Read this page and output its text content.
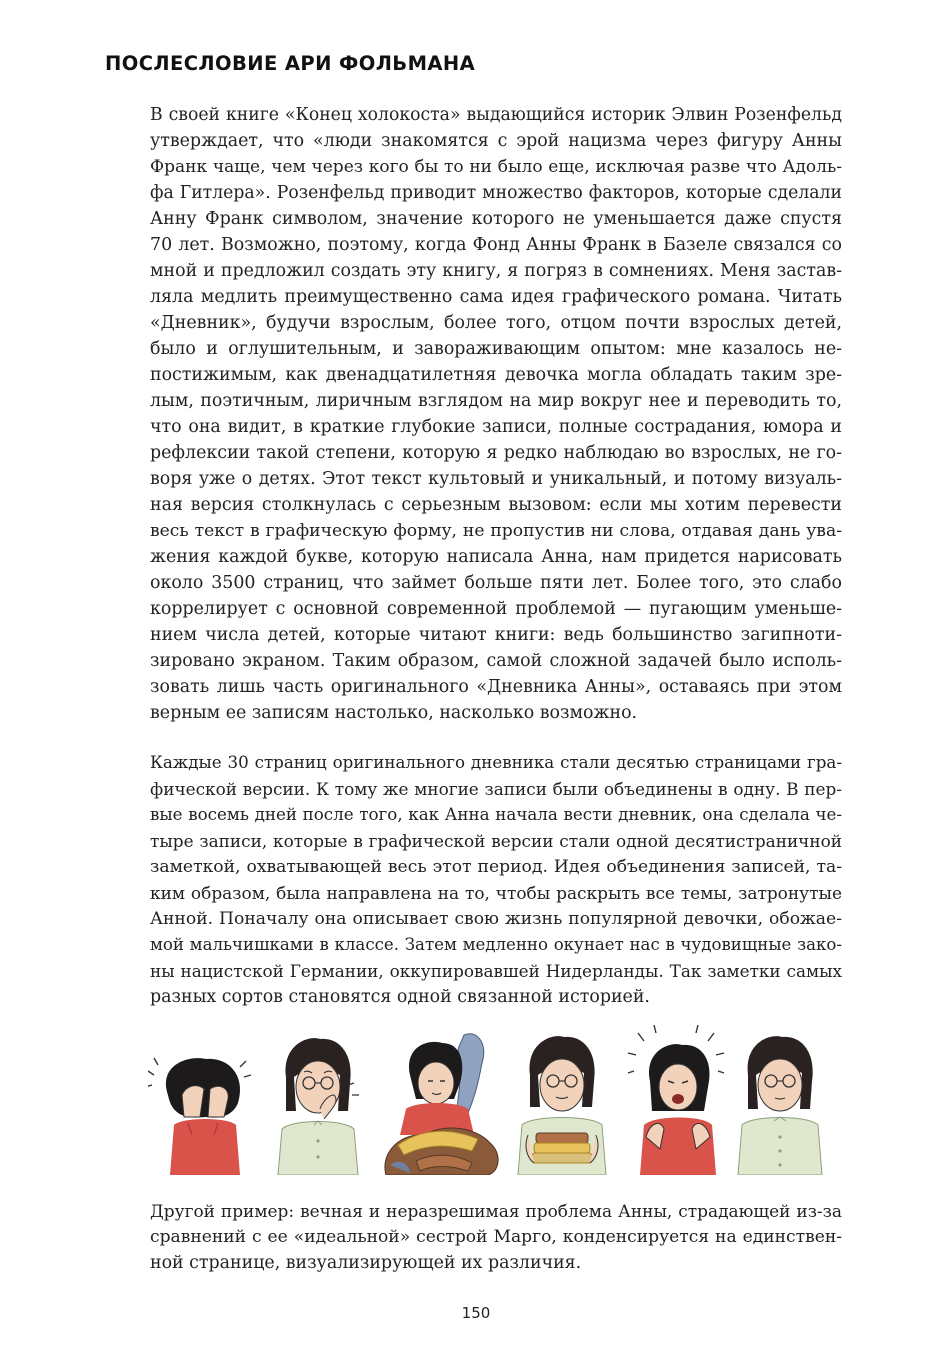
ПОСЛЕСЛОВИЕ АРИ ФОЛЬМАНА
В своей книге «Конец холокоста» выдающийся историк Элвин Розенфельд
утверждает, что «люди знакомятся с эрой нацизма через фигуру Анны
Франк чаще, чем через кого бы то ни было еще, исключая разве что Адоль-
фа Гитлера». Розенфельд приводит множество факторов, которые сделали
Анну Франк символом, значение которого не уменьшается даже спустя
70 лет. Возможно, поэтому, когда Фонд Анны Франк в Базеле связался со
мной и предложил создать эту книгу, я погряз в сомнениях. Меня застав-
ляла медлить преимущественно сама идея графического романа. Читать
«Дневник», будучи взрослым, более того, отцом почти взрослых детей,
было и оглушительным, и завораживающим опытом: мне казалось не-
постижимым, как двенадцатилетняя девочка могла обладать таким зре-
лым, поэтичным, лиричным взглядом на мир вокруг нее и переводить то,
что она видит, в краткие глубокие записи, полные сострадания, юмора и
рефлексии такой степени, которую я редко наблюдаю во взрослых, не го-
воря уже о детях. Этот текст культовый и уникальный, и потому визуаль-
ная версия столкнулась с серьезным вызовом: если мы хотим перевести
весь текст в графическую форму, не пропустив ни слова, отдавая дань ува-
жения каждой букве, которую написала Анна, нам придется нарисовать
около 3500 страниц, что займет больше пяти лет. Более того, это слабо
коррелирует с основной современной проблемой — пугающим уменьше-
нием числа детей, которые читают книги: ведь большинство загипноти-
зировано экраном. Таким образом, самой сложной задачей было исполь-
зовать лишь часть оригинального «Дневника Анны», оставаясь при этом
верным ее записям настолько, насколько возможно.
Каждые 30 страниц оригинального дневника стали десятью страницами гра-
фической версии. К тому же многие записи были объединены в одну. В пер-
вые восемь дней после того, как Анна начала вести дневник, она сделала че-
тыре записи, которые в графической версии стали одной десятистраничной
заметкой, охватывающей весь этот период. Идея объединения записей, та-
ким образом, была направлена на то, чтобы раскрыть все темы, затронутые
Анной. Поначалу она описывает свою жизнь популярной девочки, обожае-
мой мальчишками в классе. Затем медленно окунает нас в чудовищные зако-
ны нацистской Германии, оккупировавшей Нидерланды. Так заметки самых
разных сортов становятся одной связанной историей.
Другой пример: вечная и неразрешимая проблема Анны, страдающей из-за
сравнений с ее «идеальной» сестрой Марго, конденсируется на единствен-
ной странице, визуализирующей их различия.
150
